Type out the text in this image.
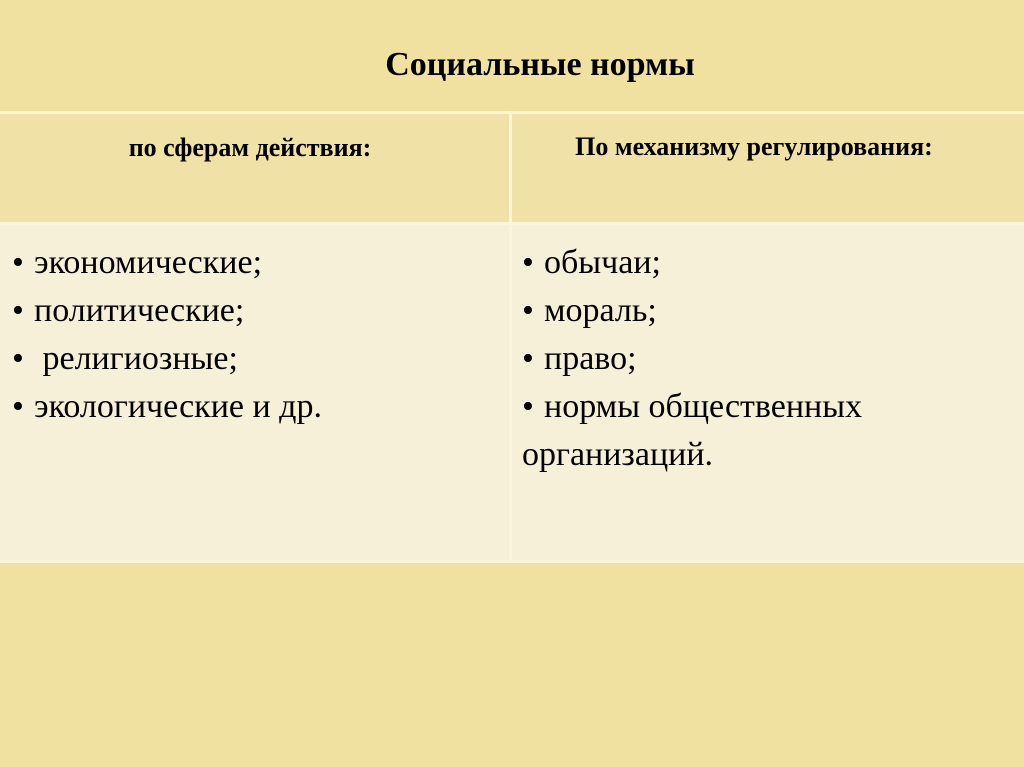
Социальные нормы
по сферам действия:	По механизму регулирования:
• экономические;
• политические;
• религиозные;
• экологические и др.
• обычаи;
• мораль;
• право;
• нормы общественных организаций.
